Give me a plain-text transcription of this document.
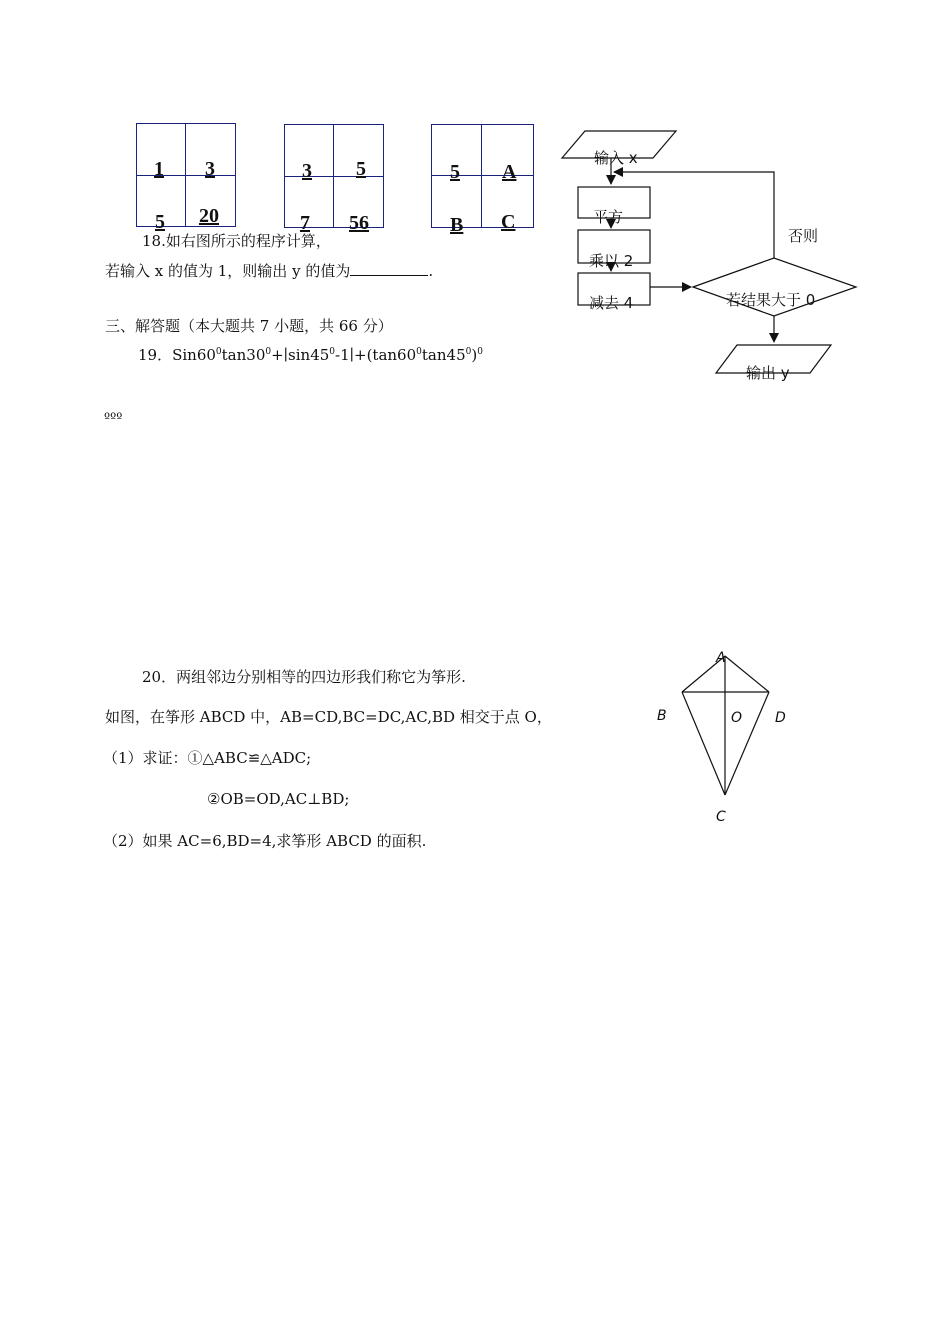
1 3
5 20
3 5
7 56
5 A
B C
输入 x
平方
乘以 2
减去 4	若结果大于 0
否则
输出 y
18.如右图所示的程序计算，
若输入 x 的值为 1，则输出 y 的值为	.
三、解答题（本大题共 7 小题，共 66 分）
19．$Sin60^0\tan 30^0+∣\sin 45^0-1∣+(\tan 60^0\tan 45^0)^0$
ººº
20．两组邻边分别相等的四边形我们称它为筝形.
如图，在筝形 ABCD 中，AB=CD,BC=DC,AC,BD 相交于点 O，
（1）求证：①△ABC≌△ADC;
②OB=OD,AC⊥BD;
（2）如果 AC=6,BD=4,求筝形 ABCD 的面积.
A
B	O D
C
